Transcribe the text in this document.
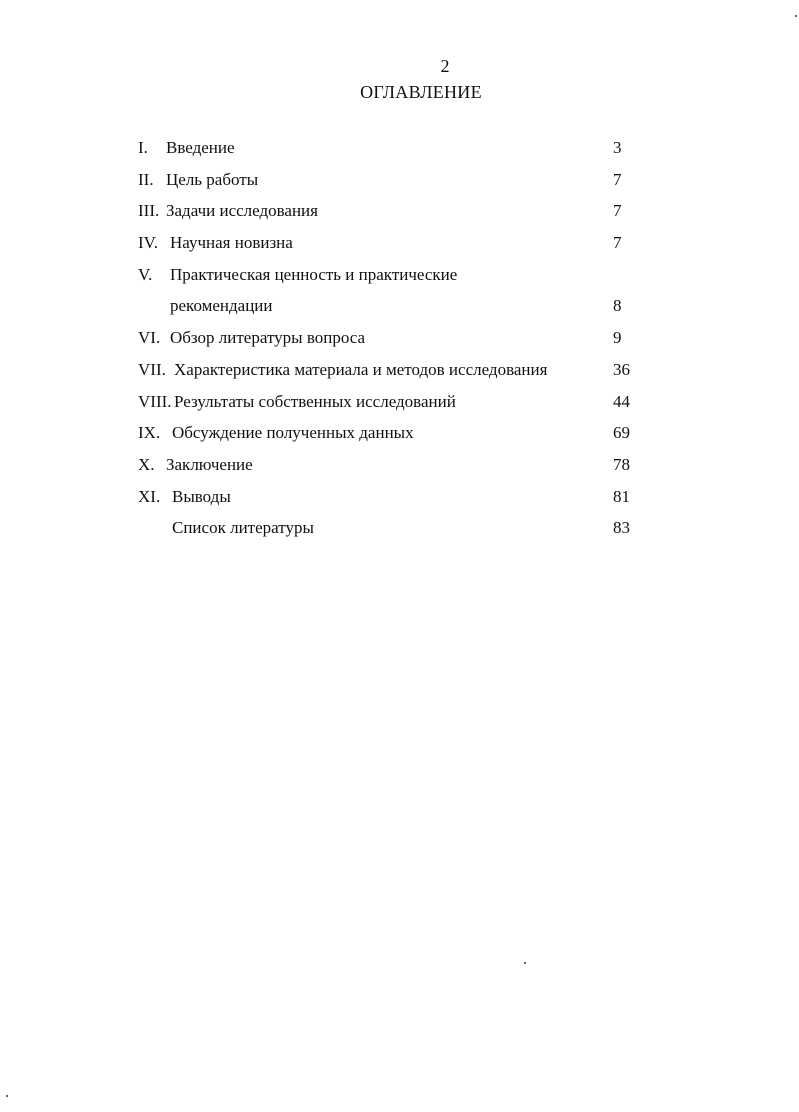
2
ОГЛАВЛЕНИЕ
I. Введение	3
II. Цель работы	7
III. Задачи исследования	7
IV. Научная новизна	7
V. Практическая ценность и практические
рекомендации	8
VI. Обзор литературы вопроса	9
VII. Характеристика материала и методов исследования	36
VIII. Результаты собственных исследований	44
IX. Обсуждение полученных данных	69
X. Заключение	78
XI. Выводы	81
Список литературы	83
